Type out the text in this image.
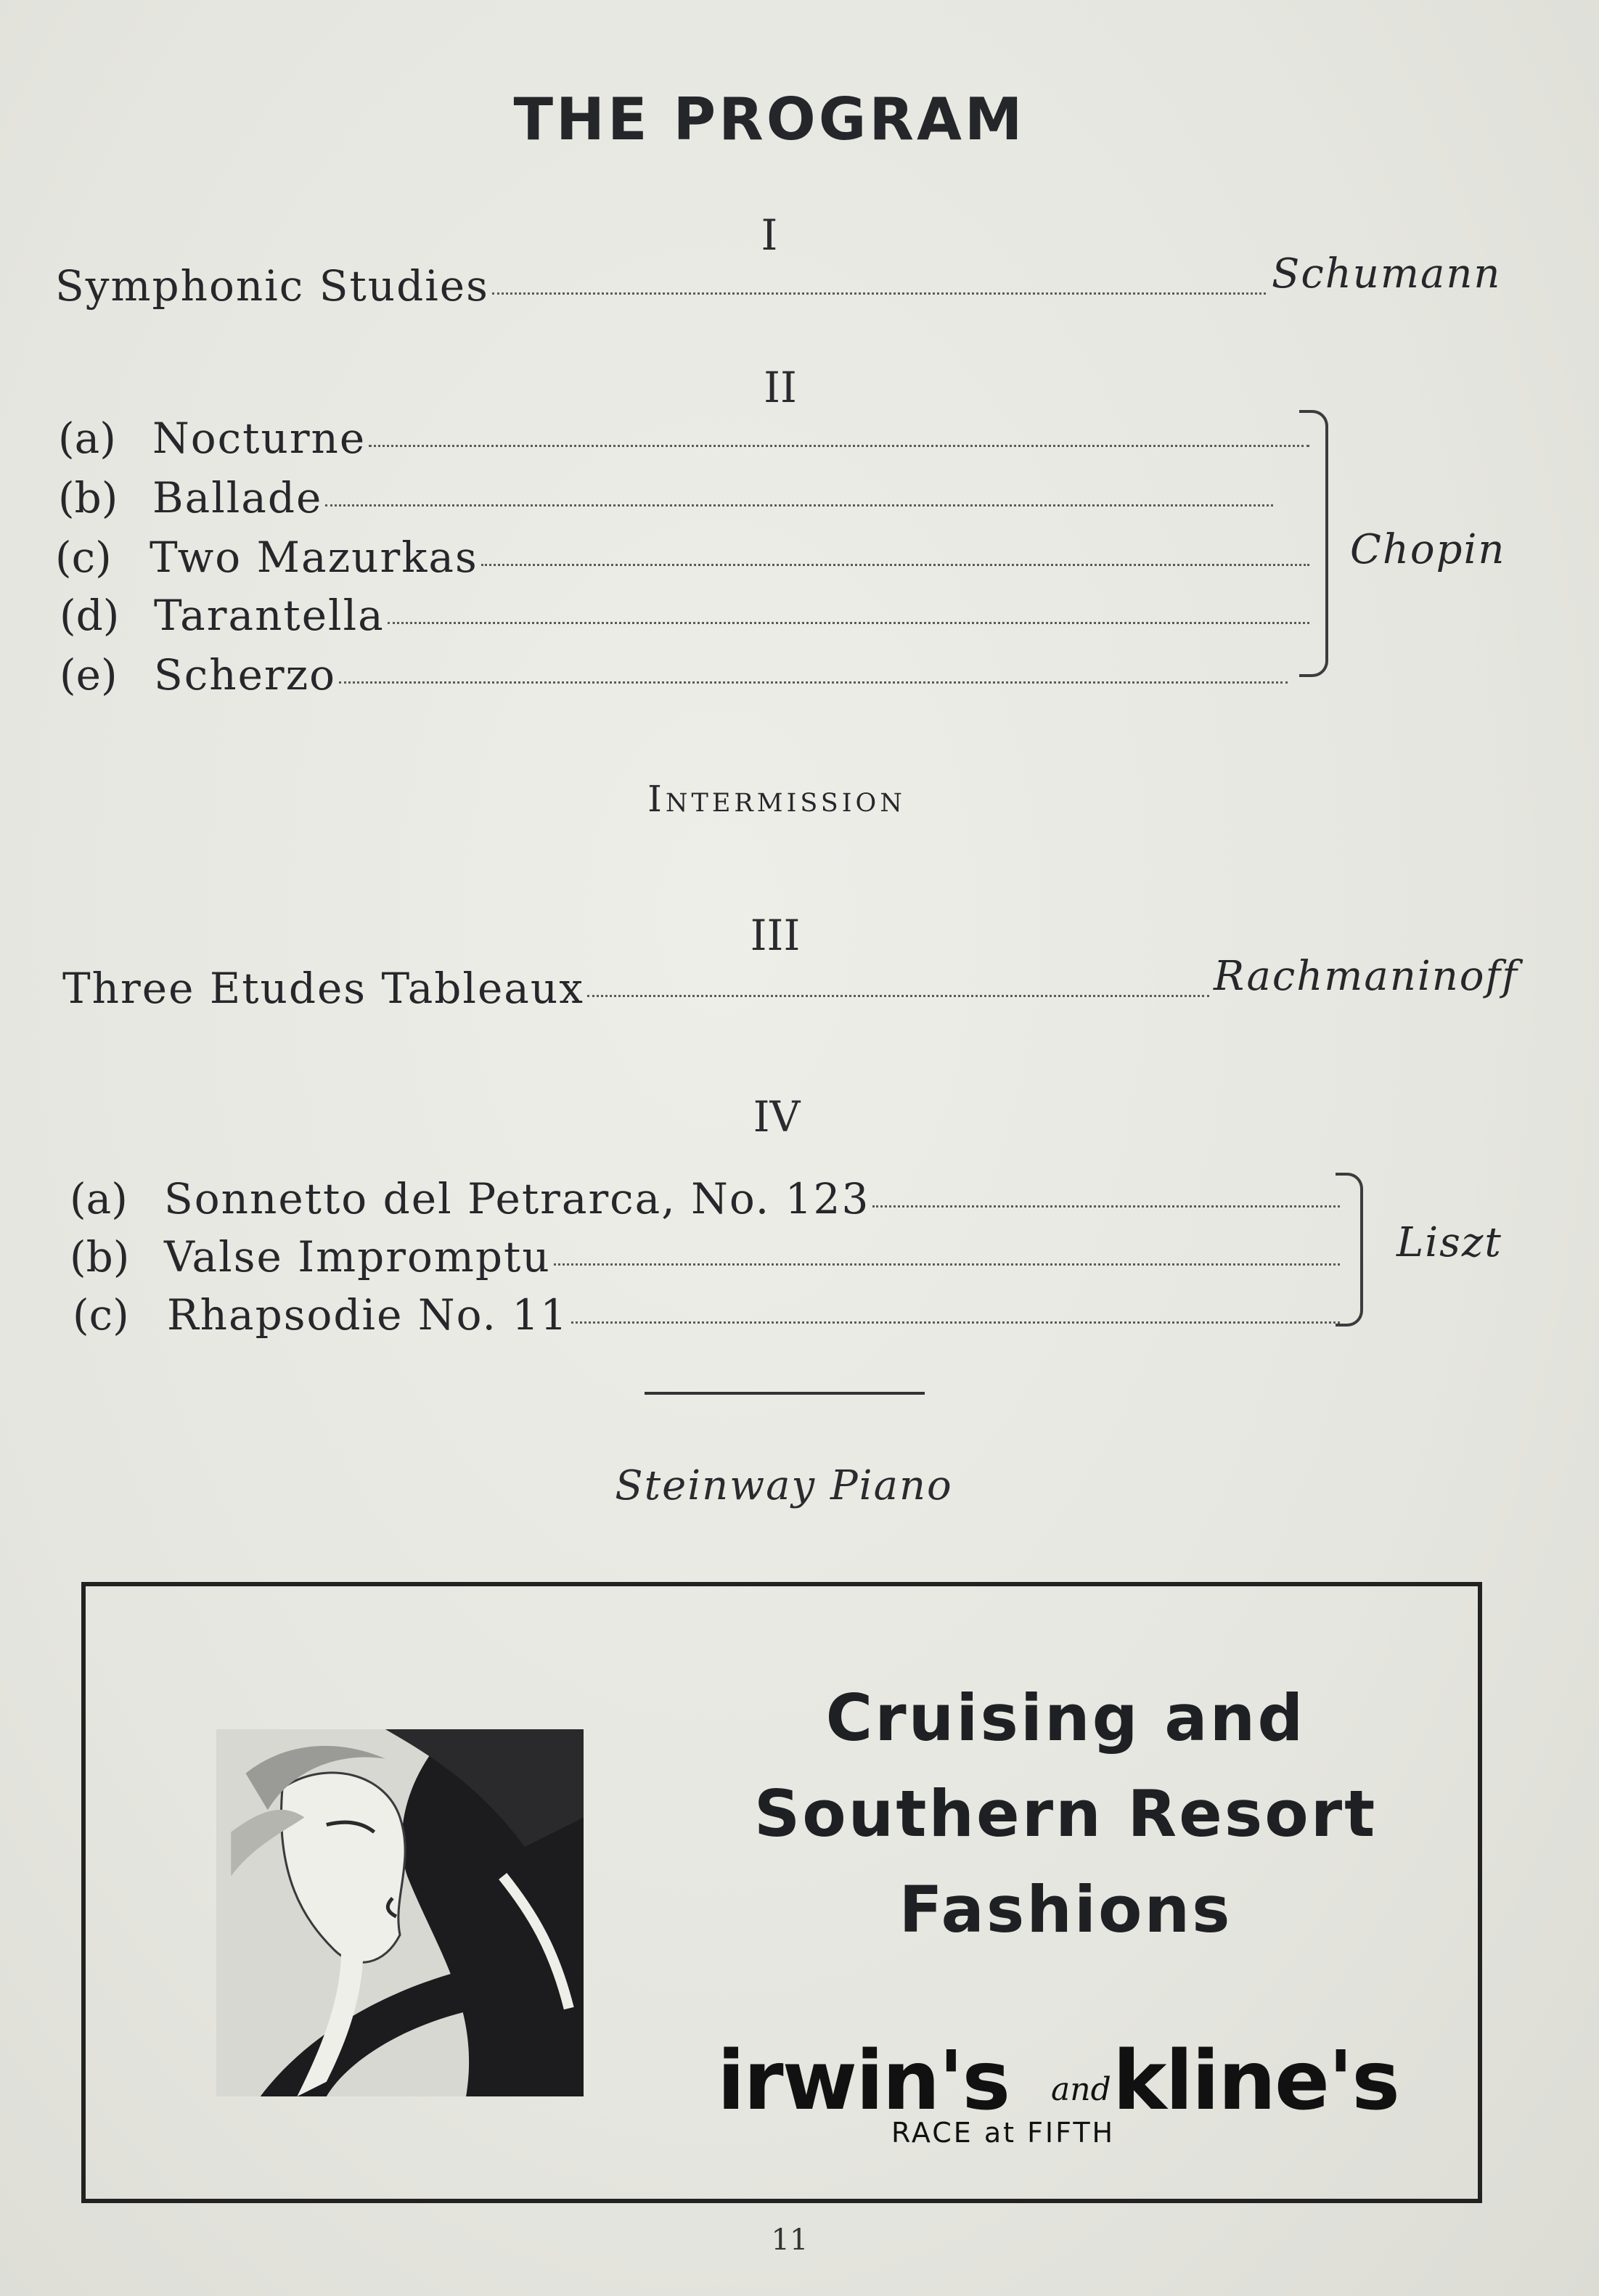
THE PROGRAM
I
Symphonic Studies	Schumann
II
(a) Nocturne
(b) Ballade
(c) Two Mazurkas
(d) Tarantella
(e) Scherzo
Chopin
Intermission
III
Three Etudes Tableaux	Rachmaninoff
IV
(a) Sonnetto del Petrarca, No. 123
(b) Valse Impromptu
(c) Rhapsodie No. 11
Liszt
Steinway Piano
Cruising and
Southern Resort
Fashions
irwin's and kline's
RACE at FIFTH
11
